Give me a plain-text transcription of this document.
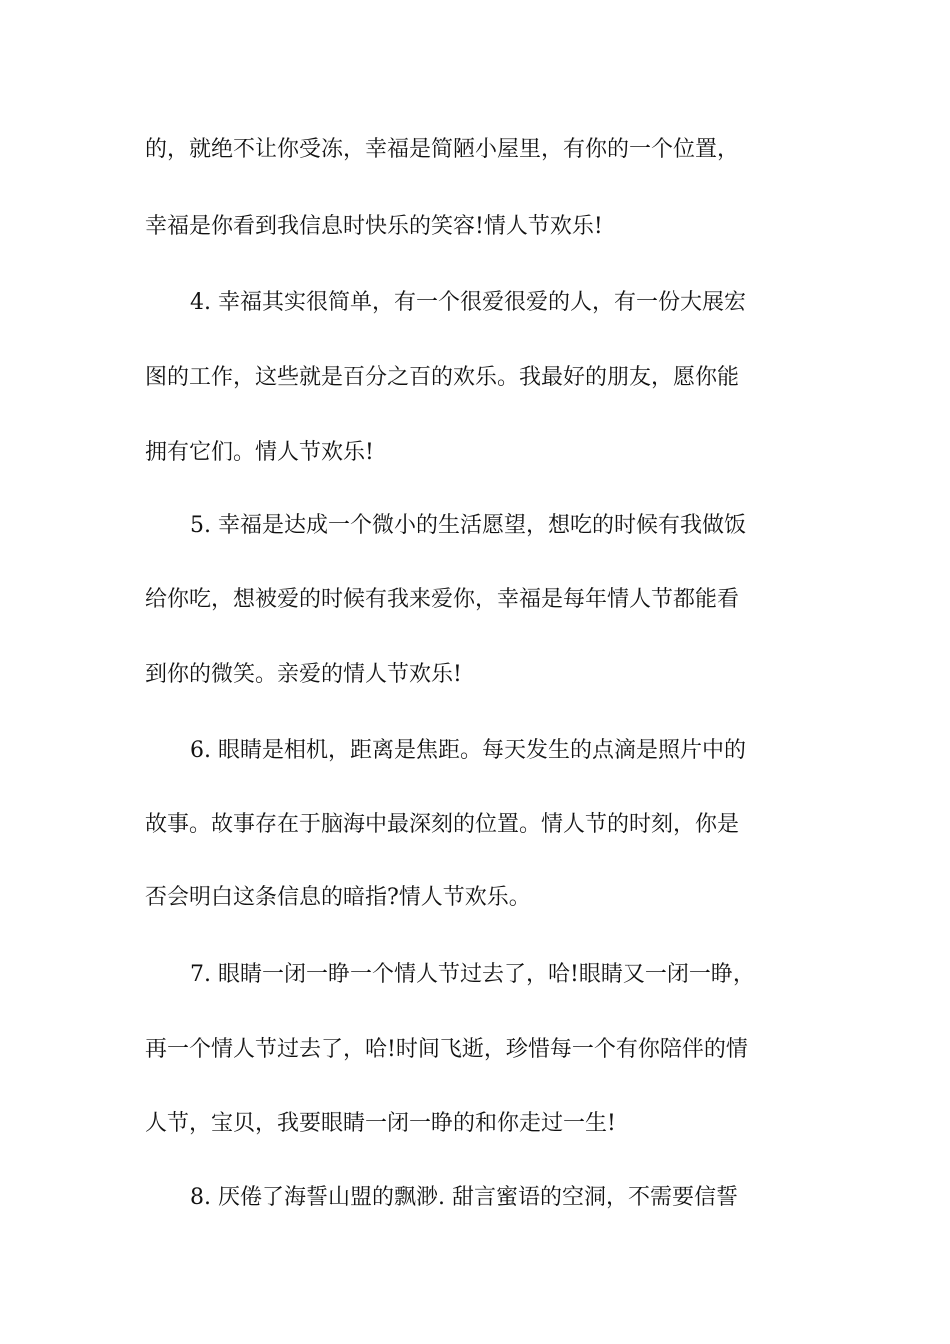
的，就绝不让你受冻，幸福是简陋小屋里，有你的一个位置，
幸福是你看到我信息时快乐的笑容!情人节欢乐!
4. 幸福其实很简单，有一个很爱很爱的人，有一份大展宏
图的工作，这些就是百分之百的欢乐。我最好的朋友，愿你能
拥有它们。情人节欢乐!
5. 幸福是达成一个微小的生活愿望，想吃的时候有我做饭
给你吃，想被爱的时候有我来爱你，幸福是每年情人节都能看
到你的微笑。亲爱的情人节欢乐!
6. 眼睛是相机，距离是焦距。每天发生的点滴是照片中的
故事。故事存在于脑海中最深刻的位置。情人节的时刻，你是
否会明白这条信息的暗指?情人节欢乐。
7. 眼睛一闭一睁一个情人节过去了，哈!眼睛又一闭一睁，
再一个情人节过去了，哈!时间飞逝，珍惜每一个有你陪伴的情
人节，宝贝，我要眼睛一闭一睁的和你走过一生!
8. 厌倦了海誓山盟的飘渺. 甜言蜜语的空洞，不需要信誓
